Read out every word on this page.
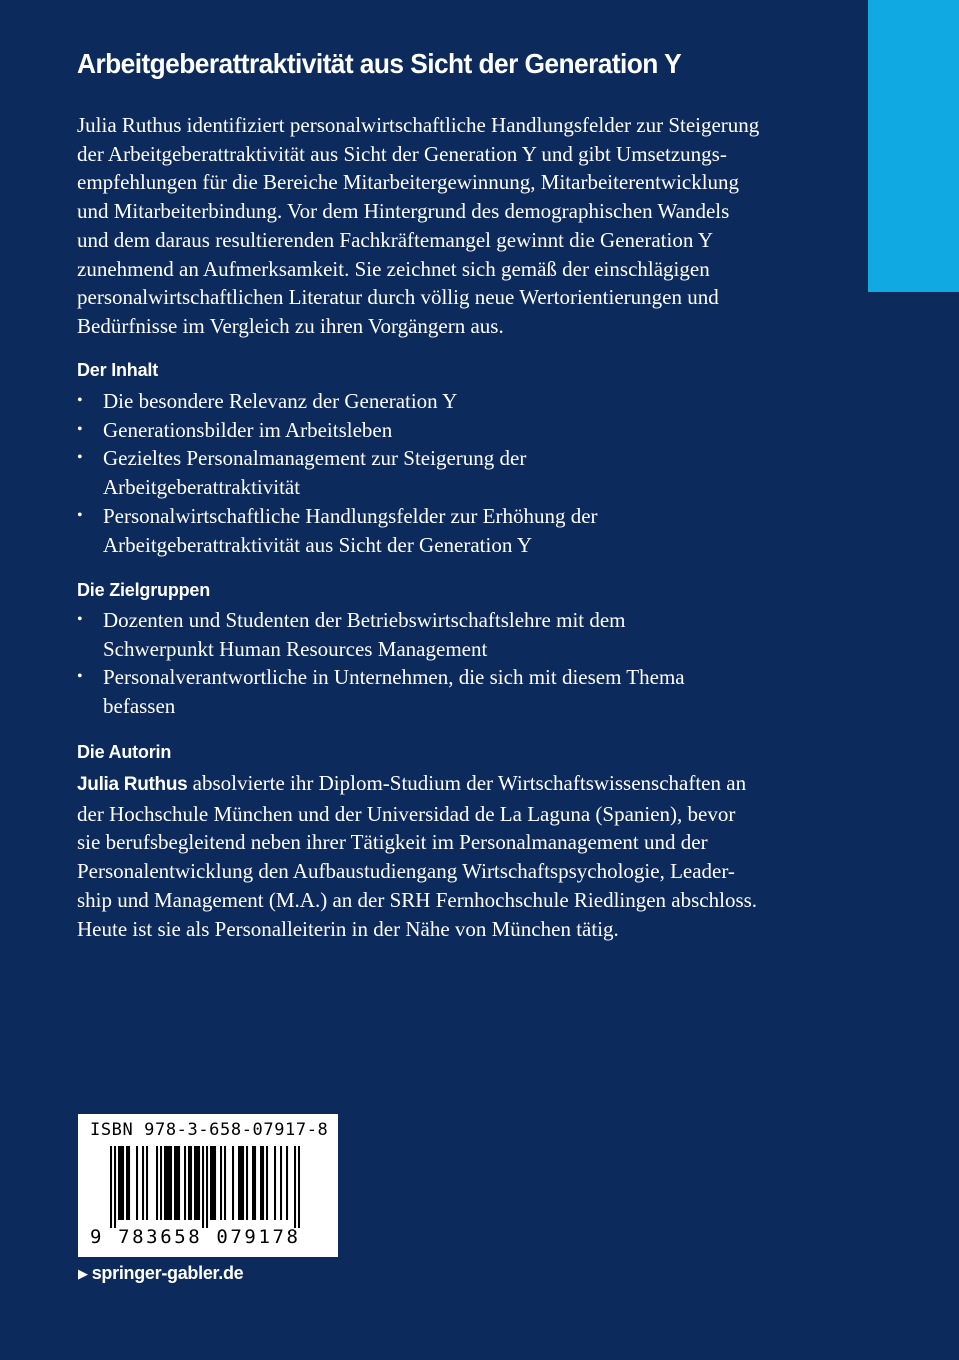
Arbeitgeberattraktivität aus Sicht der Generation Y

Julia Ruthus identifiziert personalwirtschaftliche Handlungsfelder zur Steigerung
der Arbeitgeberattraktivität aus Sicht der Generation Y und gibt Umsetzungs-
empfehlungen für die Bereiche Mitarbeitergewinnung, Mitarbeiterentwicklung
und Mitarbeiterbindung. Vor dem Hintergrund des demographischen Wandels
und dem daraus resultierenden Fachkräftemangel gewinnt die Generation Y
zunehmend an Aufmerksamkeit. Sie zeichnet sich gemäß der einschlägigen
personalwirtschaftlichen Literatur durch völlig neue Wertorientierungen und
Bedürfnisse im Vergleich zu ihren Vorgängern aus.

Der Inhalt
• Die besondere Relevanz der Generation Y
• Generationsbilder im Arbeitsleben
• Gezieltes Personalmanagement zur Steigerung der
Arbeitgeberattraktivität
• Personalwirtschaftliche Handlungsfelder zur Erhöhung der
Arbeitgeberattraktivität aus Sicht der Generation Y
Die Zielgruppen
• Dozenten und Studenten der Betriebswirtschaftslehre mit dem
Schwerpunkt Human Resources Management
• Personalverantwortliche in Unternehmen, die sich mit diesem Thema
befassen
Die Autorin

Julia Ruthus absolvierte ihr Diplom-Studium der Wirtschaftswissenschaften an
der Hochschule München und der Universidad de La Laguna (Spanien), bevor
sie berufsbegleitend neben ihrer Tätigkeit im Personalmanagement und der
Personalentwicklung den Aufbaustudiengang Wirtschaftspsychologie, Leader-
ship und Management (M.A.) an der SRH Fernhochschule Riedlingen abschloss.
Heute ist sie als Personalleiterin in der Nähe von München tätig.

ISBN 978-3-658-07917-8
9 783658 079178
▶ springer-gabler.de
